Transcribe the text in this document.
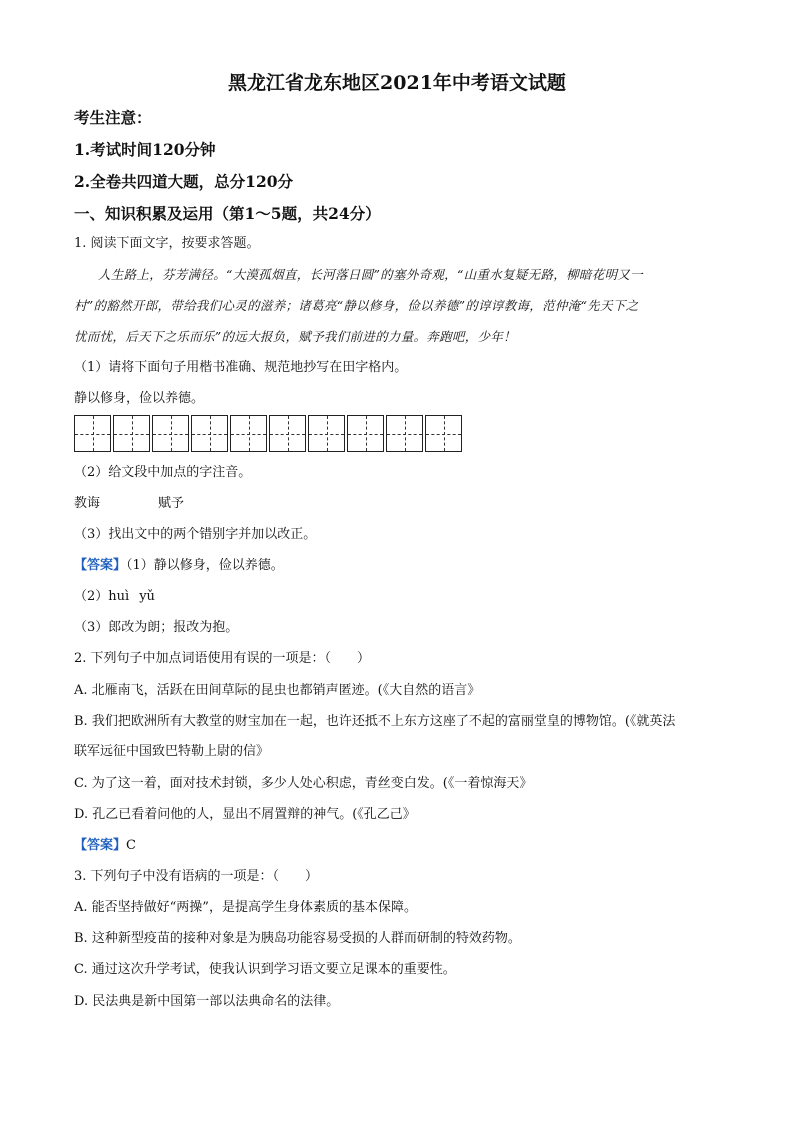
黑龙江省龙东地区2021年中考语文试题
考生注意：
1.考试时间120分钟
2.全卷共四道大题，总分120分
一、知识积累及运用（第1～5题，共24分）
1. 阅读下面文字，按要求答题。
人生路上，芬芳满径。“大漠孤烟直，长河落日圆”的塞外奇观，“山重水复疑无路，柳暗花明又一
村”的豁然开郎，带给我们心灵的滋养；诸葛亮“静以修身，俭以养德”的谆谆教诲，范仲淹“先天下之
忧而忧，后天下之乐而乐”的远大报负，赋予我们前进的力量。奔跑吧，少年！
（1）请将下面句子用楷书准确、规范地抄写在田字格内。
静以修身，俭以养德。
（2）给文段中加点的字注音。
教诲	赋予
（3）找出文中的两个错别字并加以改正。
【答案】（1）静以修身，俭以养德。
（2）huì yǔ
（3）郎改为朗；报改为抱。
2. 下列句子中加点词语使用有误的一项是：（　　）
A. 北雁南飞，活跃在田间草际的昆虫也都销声匿迹。(《大自然的语言》
B. 我们把欧洲所有大教堂的财宝加在一起，也许还抵不上东方这座了不起的富丽堂皇的博物馆。(《就英法
联军远征中国致巴特勒上尉的信》
C. 为了这一着，面对技术封锁，多少人处心积虑，青丝变白发。(《一着惊海天》
D. 孔乙已看着问他的人，显出不屑置辩的神气。(《孔乙己》
【答案】C
3. 下列句子中没有语病的一项是：（　　）
A. 能否坚持做好“两操”，是提高学生身体素质的基本保障。
B. 这种新型疫苗的接种对象是为胰岛功能容易受损的人群而研制的特效药物。
C. 通过这次升学考试，使我认识到学习语文要立足课本的重要性。
D. 民法典是新中国第一部以法典命名的法律。
